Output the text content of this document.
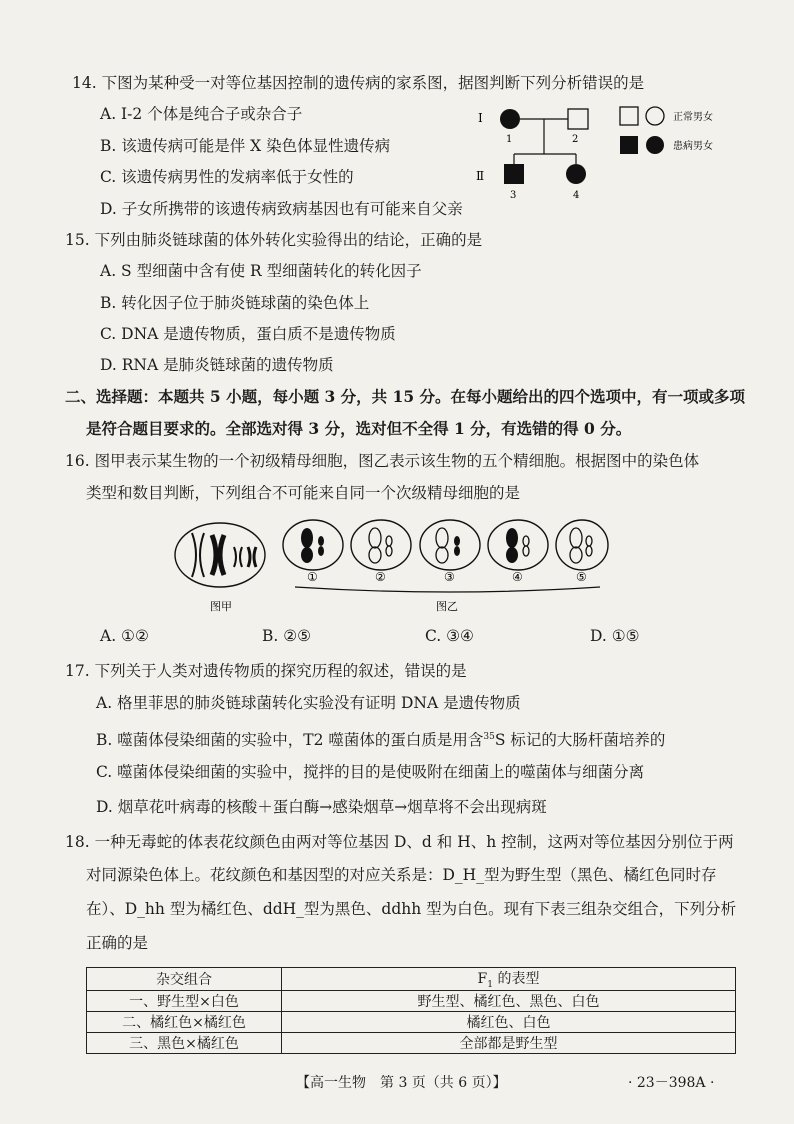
14. 下图为某种受一对等位基因控制的遗传病的家系图，据图判断下列分析错误的是
A. Ⅰ-2 个体是纯合子或杂合子
B. 该遗传病可能是伴 X 染色体显性遗传病
C. 该遗传病男性的发病率低于女性的
D. 子女所携带的该遗传病致病基因也有可能来自父亲
Ⅰ
Ⅱ
1	2
3	4
正常男女
患病男女
15. 下列由肺炎链球菌的体外转化实验得出的结论，正确的是
A. S 型细菌中含有使 R 型细菌转化的转化因子
B. 转化因子位于肺炎链球菌的染色体上
C. DNA 是遗传物质，蛋白质不是遗传物质
D. RNA 是肺炎链球菌的遗传物质
二、选择题：本题共 5 小题，每小题 3 分，共 15 分。在每小题给出的四个选项中，有一项或多项
是符合题目要求的。全部选对得 3 分，选对但不全得 1 分，有选错的得 0 分。
16. 图甲表示某生物的一个初级精母细胞，图乙表示该生物的五个精细胞。根据图中的染色体
类型和数目判断，下列组合不可能来自同一个次级精母细胞的是
①	②	③	④	⑤
图甲	图乙
A. ①②	B. ②⑤	C. ③④	D. ①⑤
17. 下列关于人类对遗传物质的探究历程的叙述，错误的是
A. 格里菲思的肺炎链球菌转化实验没有证明 DNA 是遗传物质
B. 噬菌体侵染细菌的实验中，T2 噬菌体的蛋白质是用含$^{35}$S 标记的大肠杆菌培养的
C. 噬菌体侵染细菌的实验中，搅拌的目的是使吸附在细菌上的噬菌体与细菌分离
D. 烟草花叶病毒的核酸＋蛋白酶→感染烟草→烟草将不会出现病斑
18. 一种无毒蛇的体表花纹颜色由两对等位基因 D、d 和 H、h 控制，这两对等位基因分别位于两
对同源染色体上。花纹颜色和基因型的对应关系是：D_H_型为野生型（黑色、橘红色同时存
在）、D_hh 型为橘红色、ddH_型为黑色、ddhh 型为白色。现有下表三组杂交组合，下列分析
正确的是
杂交组合	$F_1$ 的表型
一、野生型×白色	野生型、橘红色、黑色、白色
二、橘红色×橘红色	橘红色、白色
三、黑色×橘红色	全部都是野生型
【高一生物　第 3 页（共 6 页）】	· 23－398A ·
